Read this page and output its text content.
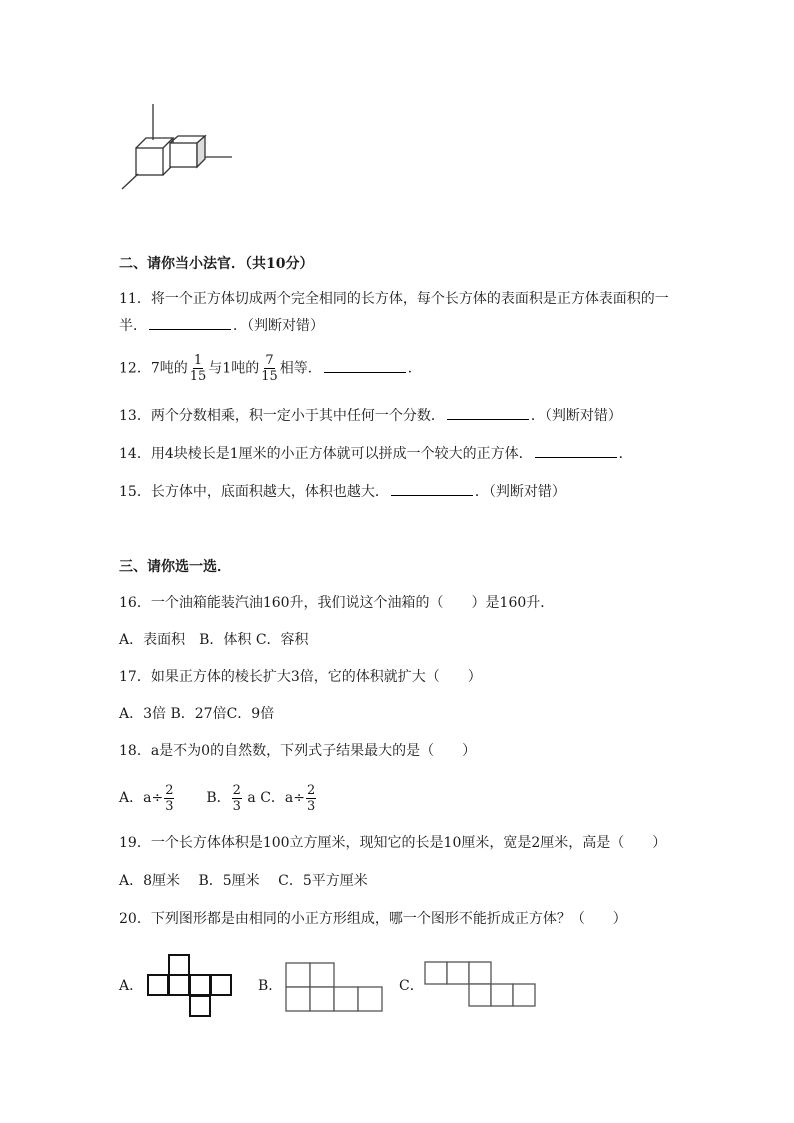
二、请你当小法官．（共10分）
11．将一个正方体切成两个完全相同的长方体，每个长方体的表面积是正方体表面积的一
半．	．（判断对错）
12．7吨的 $\frac{1}{15}$ 与1吨的 $\frac{7}{15}$ 相等．	．
13．两个分数相乘，积一定小于其中任何一个分数．	．（判断对错）
14．用4块棱长是1厘米的小正方体就可以拼成一个较大的正方体．	．
15．长方体中，底面积越大，体积也越大．	．（判断对错）
三、请你选一选．
16．一个油箱能装汽油160升，我们说这个油箱的（　　）是160升．
A．表面积　B．体积 C．容积
17．如果正方体的棱长扩大3倍，它的体积就扩大（　　）
A．3倍 B．27倍C．9倍
18．a是不为0的自然数，下列式子结果最大的是（　　）
A．$a\div \frac{2}{3}$ B． $\frac{2}{3}$ a C．$a\div \frac{2}{3}$
19．一个长方体体积是100立方厘米，现知它的长是10厘米，宽是2厘米，高是（　　）
A．8厘米　 B．5厘米　 C．5平方厘米
20．下列图形都是由相同的小正方形组成，哪一个图形不能折成正方体？（　　）
A．	B．	C．
